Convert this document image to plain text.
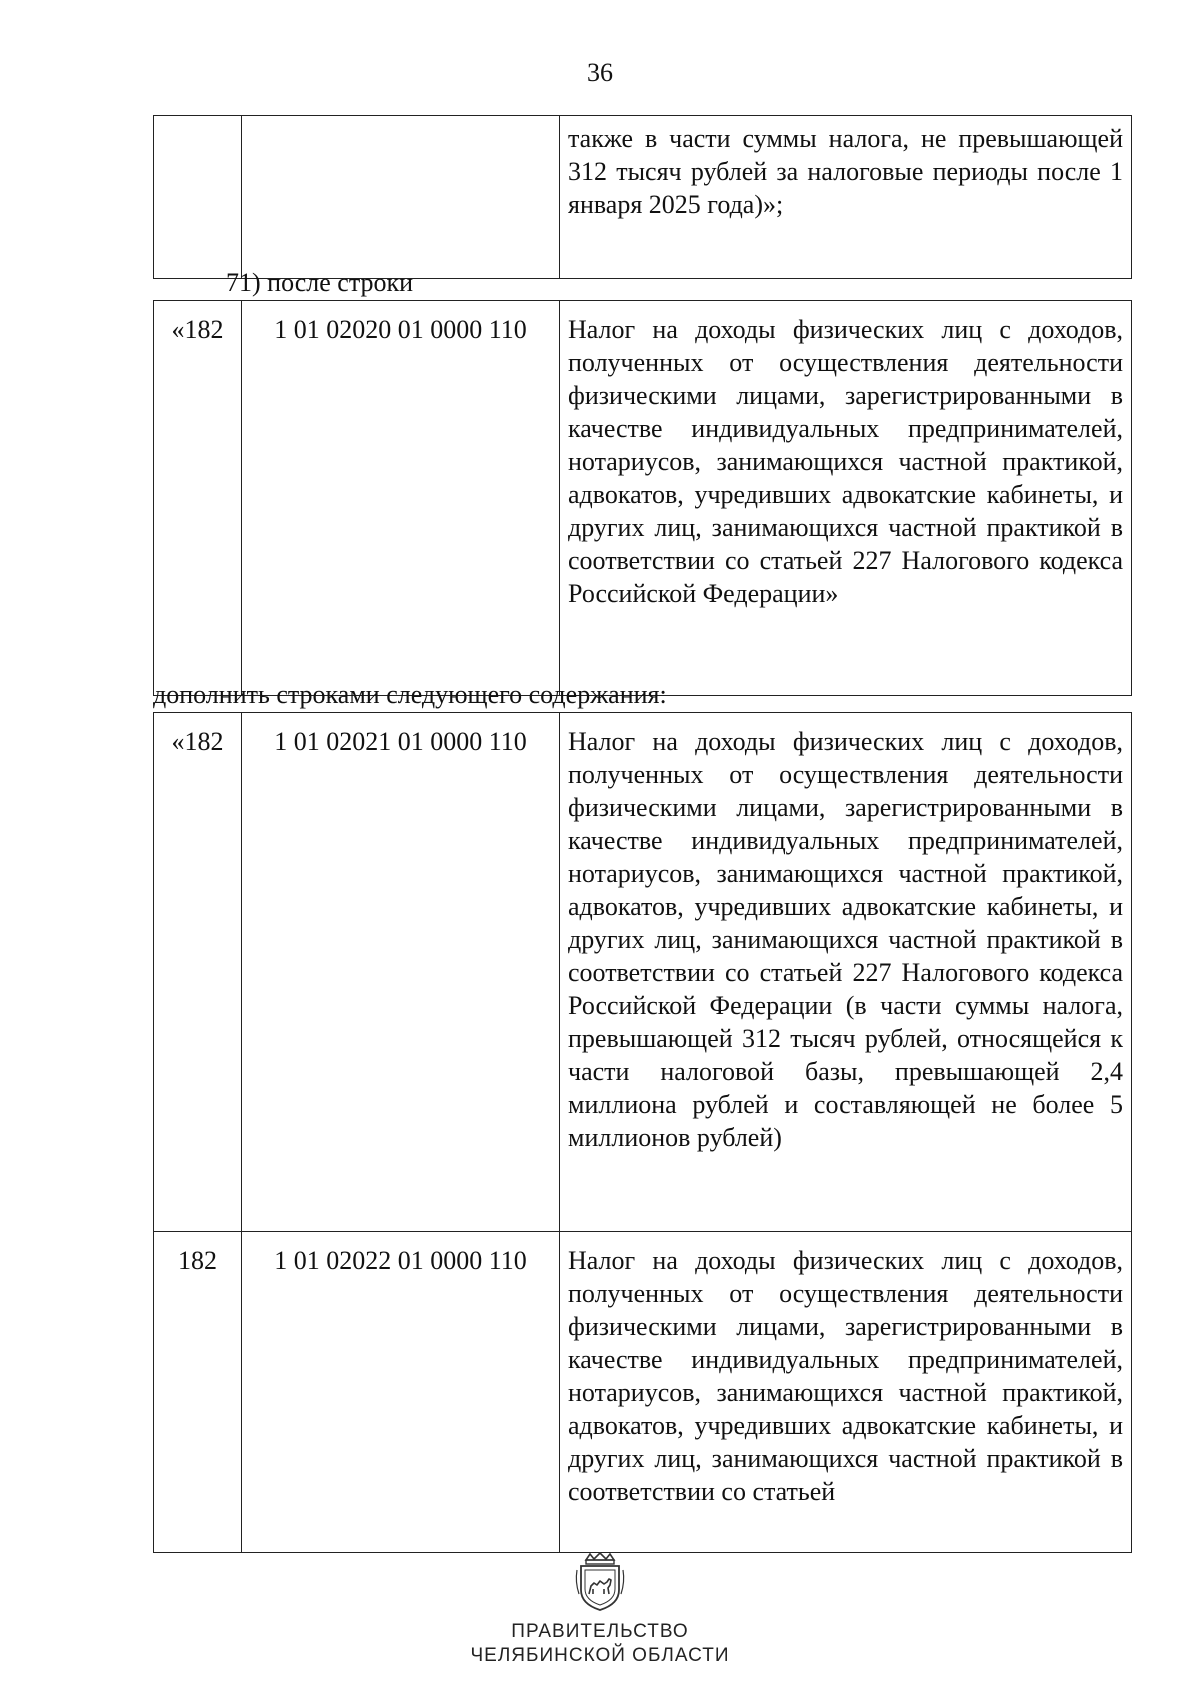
36
		также в части суммы налога, не превышающей 312 тысяч рублей за налоговые периоды после 1 января 2025 года)»;
71) после строки
«182	1 01 02020 01 0000 110	Налог на доходы физических лиц с доходов, полученных от осуществления деятельности физическими лицами, зарегистрированными в качестве индивидуальных предпринимателей, нотариусов, занимающихся частной практикой, адвокатов, учредивших адвокатские кабинеты, и других лиц, занимающихся частной практикой в соответствии со статьей 227 Налогового кодекса Российской Федерации»
дополнить строками следующего содержания:
«182	1 01 02021 01 0000 110	Налог на доходы физических лиц с доходов, полученных от осуществления деятельности физическими лицами, зарегистрированными в качестве индивидуальных предпринимателей, нотариусов, занимающихся частной практикой, адвокатов, учредивших адвокатские кабинеты, и других лиц, занимающихся частной практикой в соответствии со статьей 227 Налогового кодекса Российской Федерации (в части суммы налога, превышающей 312 тысяч рублей, относящейся к части налоговой базы, превышающей 2,4 миллиона рублей и составляющей не более 5 миллионов рублей)
182	1 01 02022 01 0000 110	Налог на доходы физических лиц с доходов, полученных от осуществления деятельности физическими лицами, зарегистрированными в качестве индивидуальных предпринимателей, нотариусов, занимающихся частной практикой, адвокатов, учредивших адвокатские кабинеты, и других лиц, занимающихся частной практикой в соответствии со статьей
ПРАВИТЕЛЬСТВО
ЧЕЛЯБИНСКОЙ ОБЛАСТИ
